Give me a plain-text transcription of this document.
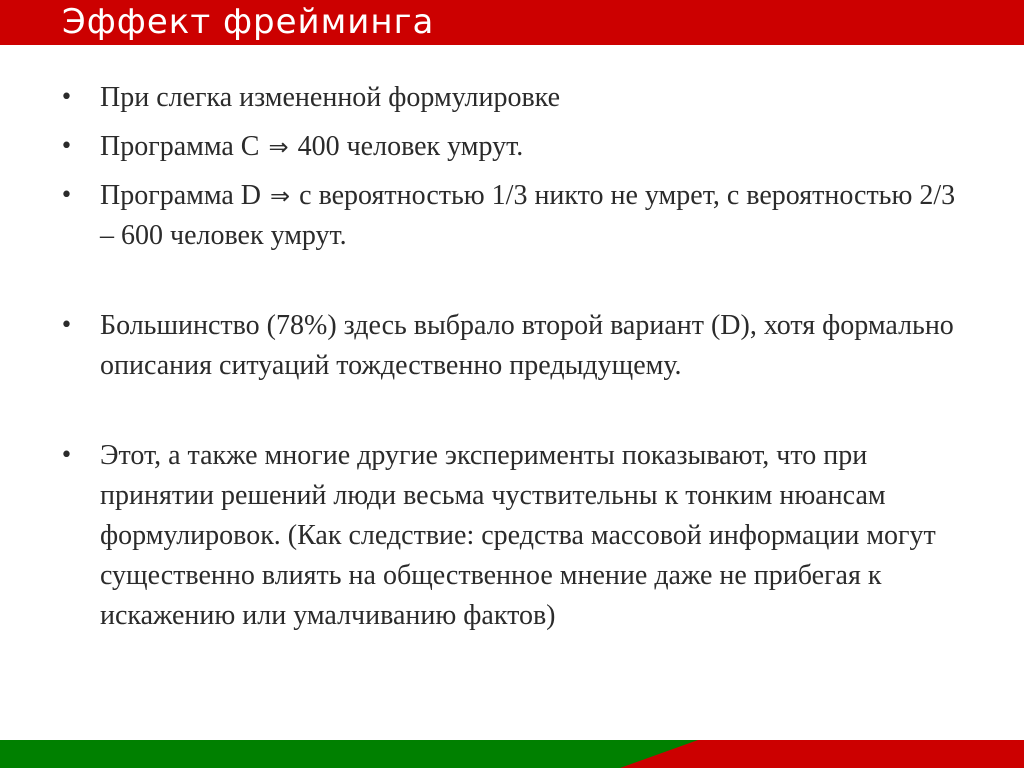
Эффект фрейминга
• При слегка измененной формулировке
• Программа C ⇒ 400 человек умрут.
• Программа D ⇒ с вероятностью 1/3 никто не умрет, с вероятностью 2/3 – 600 человек умрут.
• Большинство (78%) здесь выбрало второй вариант (D), хотя формально описания ситуаций тождественно предыдущему.
• Этот, а также многие другие эксперименты показывают, что при принятии решений люди весьма чуствительны к тонким нюансам формулировок. (Как следствие: средства массовой информации могут существенно влиять на общественное мнение даже не прибегая к искажению или умалчиванию фактов)
